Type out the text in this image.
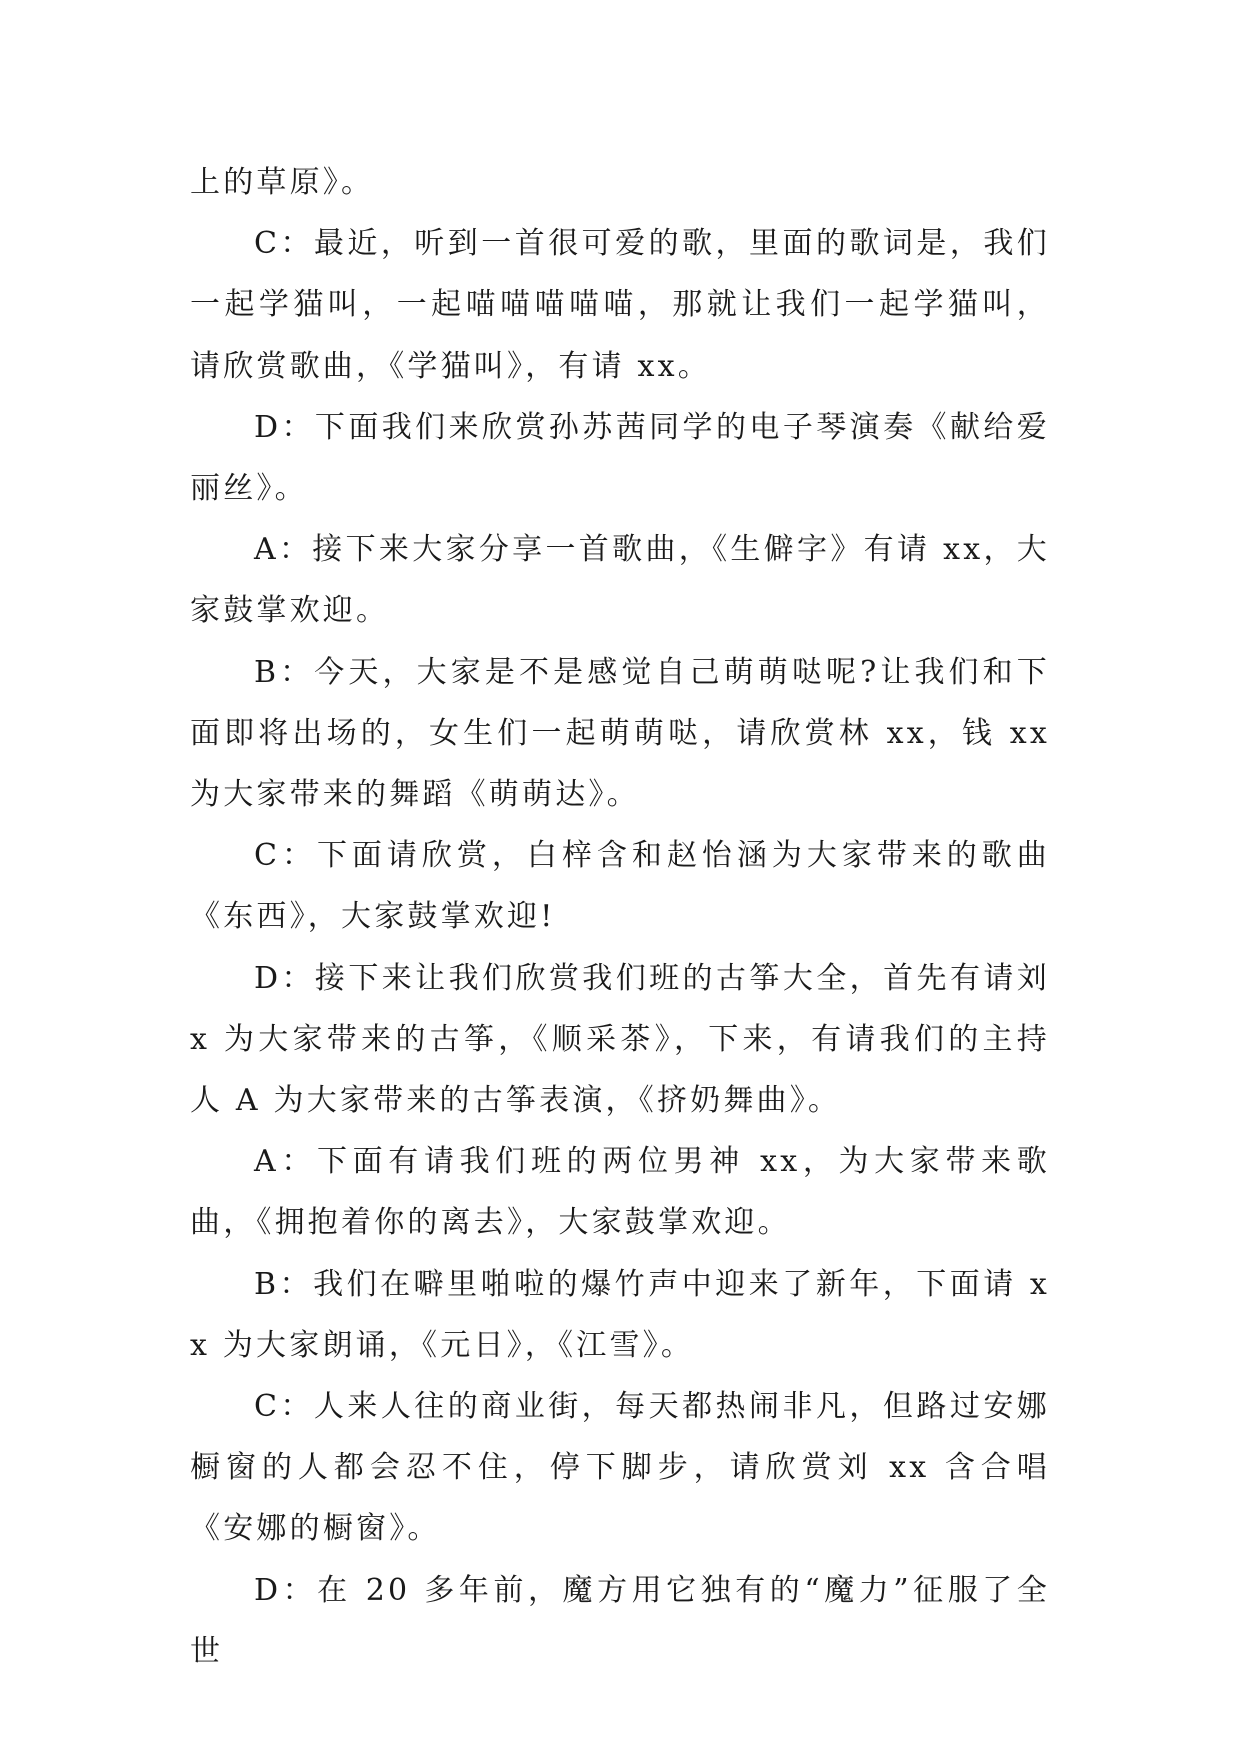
上的草原》。

C：最近，听到一首很可爱的歌，里面的歌词是，我们一起学猫叫，一起喵喵喵喵喵，那就让我们一起学猫叫，请欣赏歌曲，《学猫叫》，有请 xx。

D：下面我们来欣赏孙苏茜同学的电子琴演奏《献给爱丽丝》。

A：接下来大家分享一首歌曲，《生僻字》有请 xx，大家鼓掌欢迎。

B：今天，大家是不是感觉自己萌萌哒呢?让我们和下面即将出场的，女生们一起萌萌哒，请欣赏林 xx，钱 xx 为大家带来的舞蹈《萌萌达》。

C：下面请欣赏，白梓含和赵怡涵为大家带来的歌曲《东西》，大家鼓掌欢迎!

D：接下来让我们欣赏我们班的古筝大全，首先有请刘 x 为大家带来的古筝，《顺采茶》，下来，有请我们的主持人 A 为大家带来的古筝表演，《挤奶舞曲》。

A：下面有请我们班的两位男神 xx，为大家带来歌曲，《拥抱着你的离去》，大家鼓掌欢迎。

B：我们在噼里啪啦的爆竹声中迎来了新年，下面请 xx 为大家朗诵，《元日》，《江雪》。

C：人来人往的商业街，每天都热闹非凡，但路过安娜橱窗的人都会忍不住，停下脚步，请欣赏刘 xx 含合唱《安娜的橱窗》。

D：在 20 多年前，魔方用它独有的“魔力”征服了全世
